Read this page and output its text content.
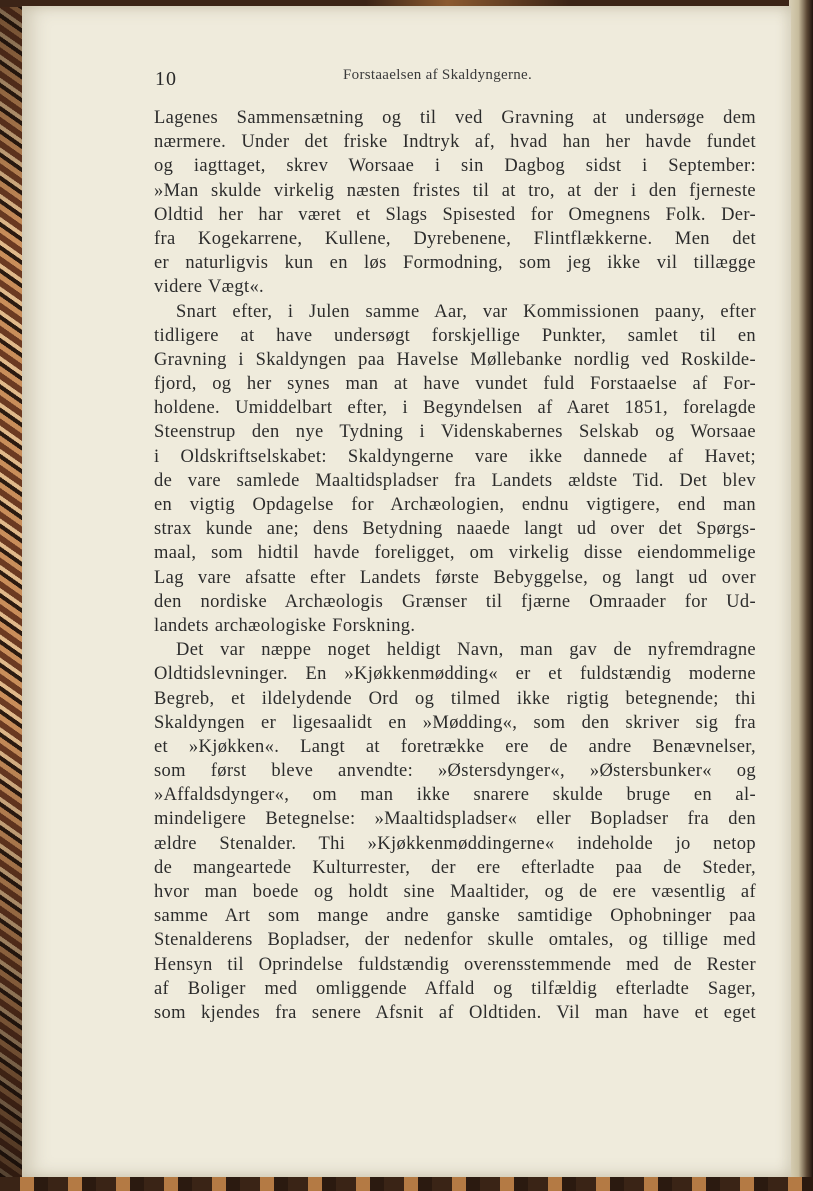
10	Forstaaelsen af Skaldyngerne.
Lagenes Sammensætning og til ved Gravning at undersøge dem
nærmere. Under det friske Indtryk af, hvad han her havde fundet
og iagttaget, skrev Worsaae i sin Dagbog sidst i September:
»Man skulde virkelig næsten fristes til at tro, at der i den fjerneste
Oldtid her har været et Slags Spisested for Omegnens Folk. Der-
fra Kogekarrene, Kullene, Dyrebenene, Flintflækkerne. Men det
er naturligvis kun en løs Formodning, som jeg ikke vil tillægge
videre Vægt«.
Snart efter, i Julen samme Aar, var Kommissionen paany, efter
tidligere at have undersøgt forskjellige Punkter, samlet til en
Gravning i Skaldyngen paa Havelse Møllebanke nordlig ved Roskilde-
fjord, og her synes man at have vundet fuld Forstaaelse af For-
holdene. Umiddelbart efter, i Begyndelsen af Aaret 1851, forelagde
Steenstrup den nye Tydning i Videnskabernes Selskab og Worsaae
i Oldskriftselskabet: Skaldyngerne vare ikke dannede af Havet;
de vare samlede Maaltidspladser fra Landets ældste Tid. Det blev
en vigtig Opdagelse for Archæologien, endnu vigtigere, end man
strax kunde ane; dens Betydning naaede langt ud over det Spørgs-
maal, som hidtil havde foreligget, om virkelig disse eiendommelige
Lag vare afsatte efter Landets første Bebyggelse, og langt ud over
den nordiske Archæologis Grænser til fjærne Omraader for Ud-
landets archæologiske Forskning.
Det var næppe noget heldigt Navn, man gav de nyfremdragne
Oldtidslevninger. En »Kjøkkenmødding« er et fuldstændig moderne
Begreb, et ildelydende Ord og tilmed ikke rigtig betegnende; thi
Skaldyngen er ligesaalidt en »Mødding«, som den skriver sig fra
et »Kjøkken«. Langt at foretrække ere de andre Benævnelser,
som først bleve anvendte: »Østersdynger«, »Østersbunker« og
»Affaldsdynger«, om man ikke snarere skulde bruge en al-
mindeligere Betegnelse: »Maaltidspladser« eller Bopladser fra den
ældre Stenalder. Thi »Kjøkkenmøddingerne« indeholde jo netop
de mangeartede Kulturrester, der ere efterladte paa de Steder,
hvor man boede og holdt sine Maaltider, og de ere væsentlig af
samme Art som mange andre ganske samtidige Ophobninger paa
Stenalderens Bopladser, der nedenfor skulle omtales, og tillige med
Hensyn til Oprindelse fuldstændig overensstemmende med de Rester
af Boliger med omliggende Affald og tilfældig efterladte Sager,
som kjendes fra senere Afsnit af Oldtiden. Vil man have et eget
